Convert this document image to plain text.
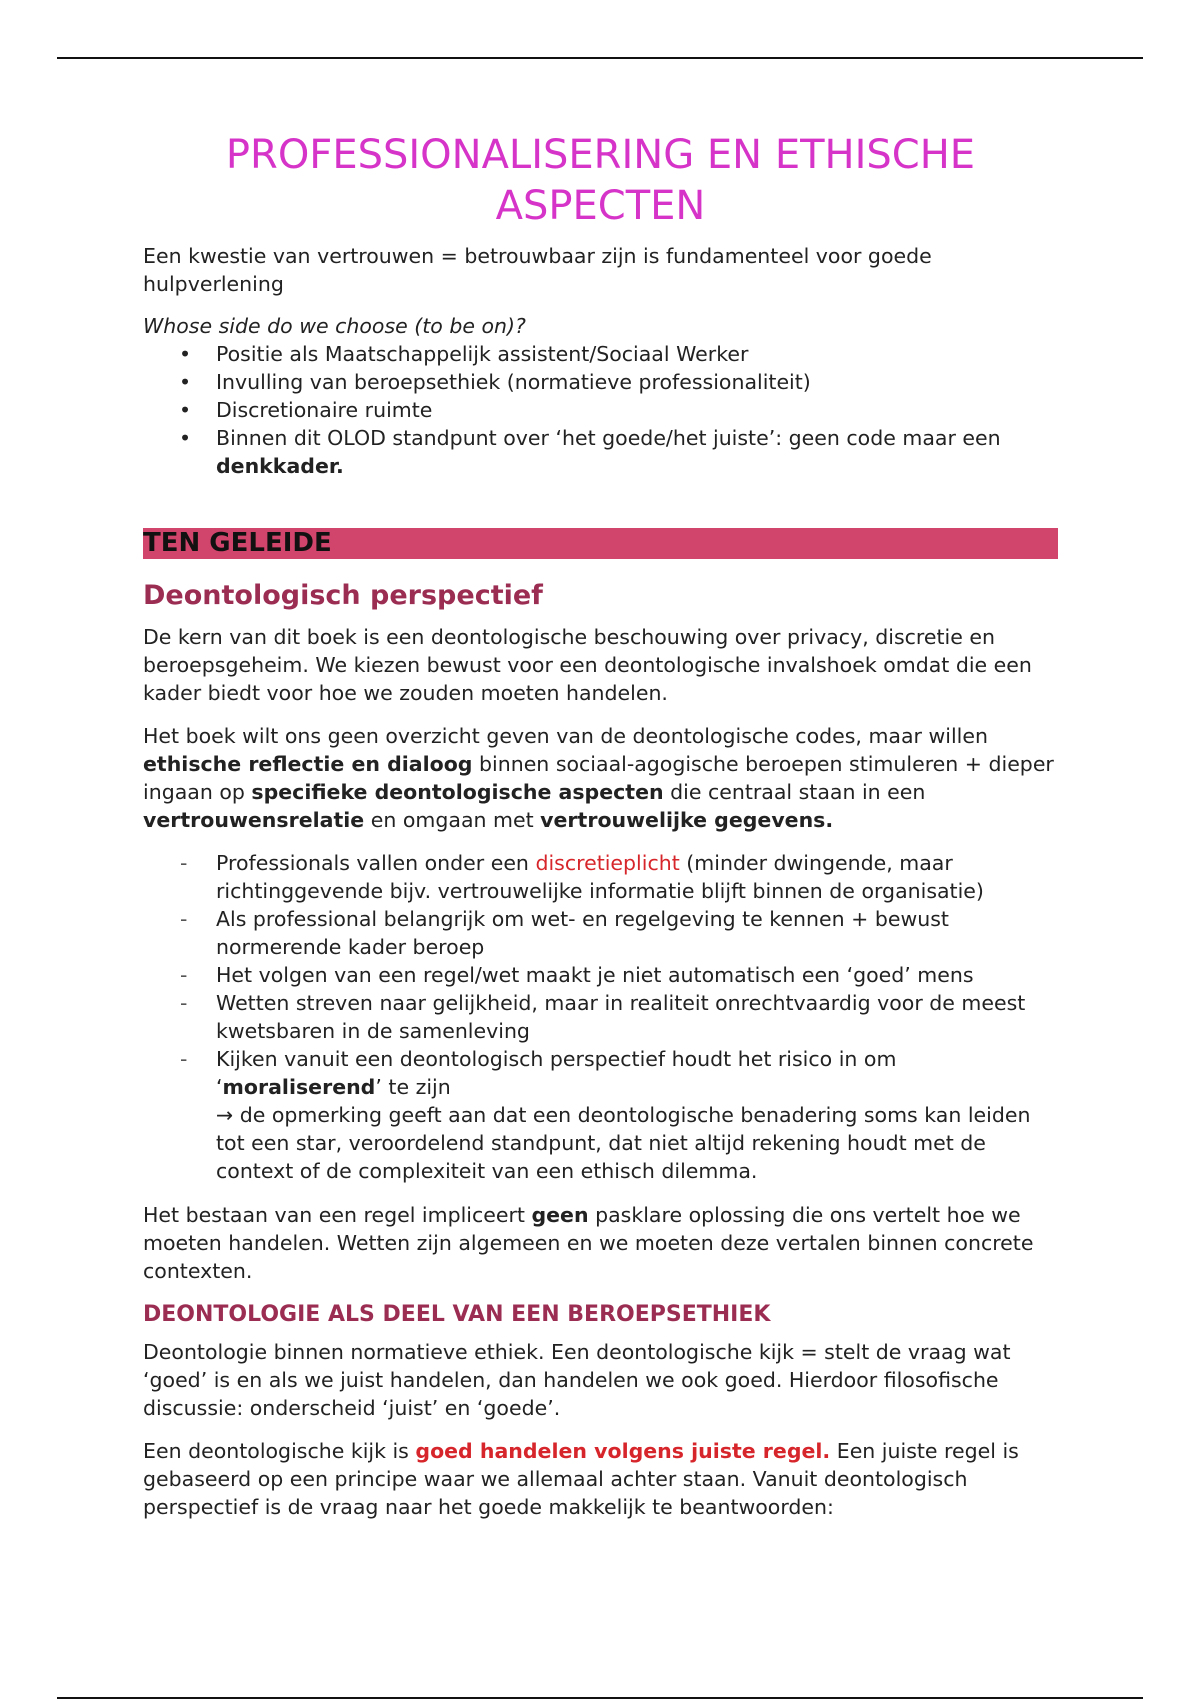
PROFESSIONALISERING EN ETHISCHE ASPECTEN

Een kwestie van vertrouwen = betrouwbaar zijn is fundamenteel voor goede hulpverlening

Whose side do we choose (to be on)?

• Positie als Maatschappelijk assistent/Sociaal Werker
• Invulling van beroepsethiek (normatieve professionaliteit)
• Discretionaire ruimte
• Binnen dit OLOD standpunt over ‘het goede/het juiste’: geen code maar een denkkader.
TEN GELEIDE
Deontologisch perspectief

De kern van dit boek is een deontologische beschouwing over privacy, discretie en beroepsgeheim. We kiezen bewust voor een deontologische invalshoek omdat die een kader biedt voor hoe we zouden moeten handelen.

Het boek wilt ons geen overzicht geven van de deontologische codes, maar willen ethische reflectie en dialoog binnen sociaal-agogische beroepen stimuleren + dieper ingaan op specifieke deontologische aspecten die centraal staan in een vertrouwensrelatie en omgaan met vertrouwelijke gegevens.

- Professionals vallen onder een discretieplicht (minder dwingende, maar richtinggevende bijv. vertrouwelijke informatie blijft binnen de organisatie)
- Als professional belangrijk om wet- en regelgeving te kennen + bewust normerende kader beroep
- Het volgen van een regel/wet maakt je niet automatisch een ‘goed’ mens
- Wetten streven naar gelijkheid, maar in realiteit onrechtvaardig voor de meest kwetsbaren in de samenleving
- Kijken vanuit een deontologisch perspectief houdt het risico in om ‘moraliserend’ te zijn
→ de opmerking geeft aan dat een deontologische benadering soms kan leiden tot een star, veroordelend standpunt, dat niet altijd rekening houdt met de context of de complexiteit van een ethisch dilemma.

Het bestaan van een regel impliceert geen pasklare oplossing die ons vertelt hoe we moeten handelen. Wetten zijn algemeen en we moeten deze vertalen binnen concrete contexten.

DEONTOLOGIE ALS DEEL VAN EEN BEROEPSETHIEK

Deontologie binnen normatieve ethiek. Een deontologische kijk = stelt de vraag wat ‘goed’ is en als we juist handelen, dan handelen we ook goed. Hierdoor filosofische discussie: onderscheid ‘juist’ en ‘goede’.

Een deontologische kijk is goed handelen volgens juiste regel. Een juiste regel is gebaseerd op een principe waar we allemaal achter staan. Vanuit deontologisch perspectief is de vraag naar het goede makkelijk te beantwoorden:
